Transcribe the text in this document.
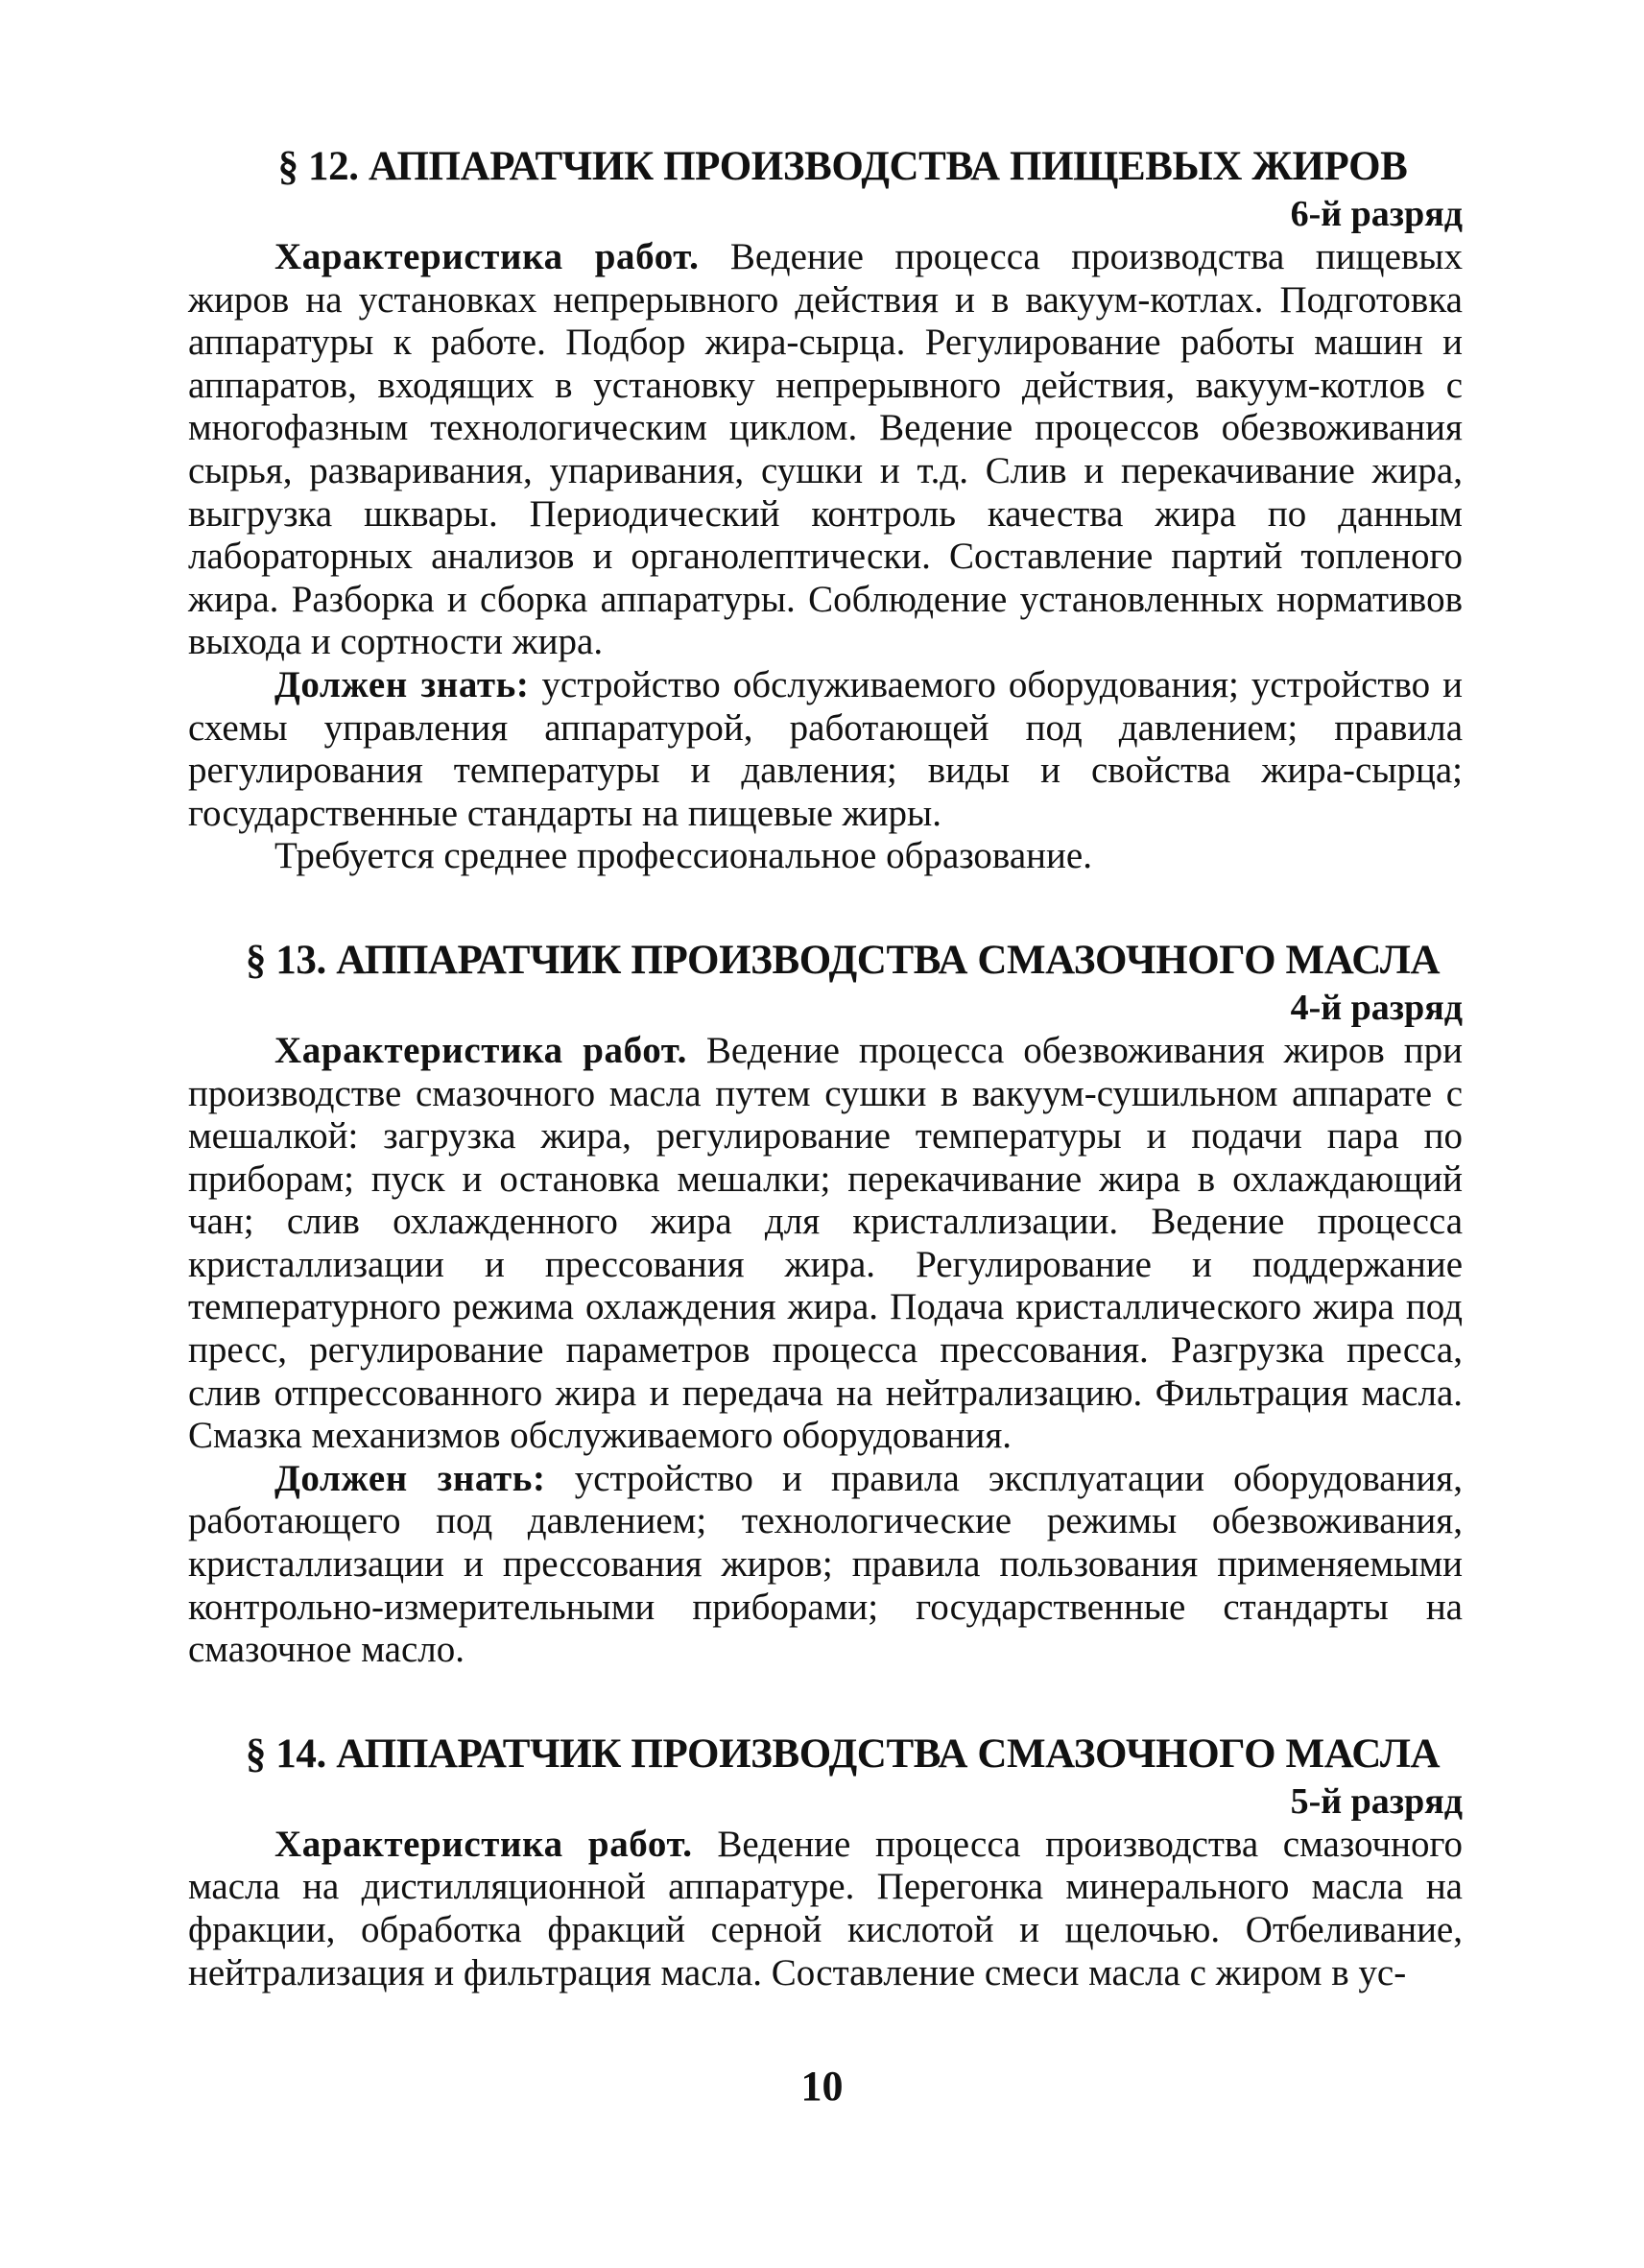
§ 12. АППАРАТЧИК ПРОИЗВОДСТВА ПИЩЕВЫХ ЖИРОВ
6-й разряд

Характеристика работ. Ведение процесса производства пищевых жиров на установках непрерывного действия и в вакуум-котлах. Подготовка аппаратуры к работе. Подбор жира-сырца. Регулирование работы машин и аппаратов, входящих в установку непрерывного действия, вакуум-котлов с многофазным технологическим циклом. Ведение процессов обезвоживания сырья, разваривания, упаривания, сушки и т.д. Слив и перекачивание жира, выгрузка шквары. Периодический контроль качества жира по данным лабораторных анализов и органолептически. Составление партий топленого жира. Разборка и сборка аппаратуры. Соблюдение установленных нормативов выхода и сортности жира.

Должен знать: устройство обслуживаемого оборудования; устройство и схемы управления аппаратурой, работающей под давлением; правила регулирования температуры и давления; виды и свойства жира-сырца; государственные стандарты на пищевые жиры.

Требуется среднее профессиональное образование.

§ 13. АППАРАТЧИК ПРОИЗВОДСТВА СМАЗОЧНОГО МАСЛА
4-й разряд

Характеристика работ. Ведение процесса обезвоживания жиров при производстве смазочного масла путем сушки в вакуум-сушильном аппарате с мешалкой: загрузка жира, регулирование температуры и подачи пара по приборам; пуск и остановка мешалки; перекачивание жира в охлаждающий чан; слив охлажденного жира для кристаллизации. Ведение процесса кристаллизации и прессования жира. Регулирование и поддержание температурного режима охлаждения жира. Подача кристаллического жира под пресс, регулирование параметров процесса прессования. Разгрузка пресса, слив отпрессованного жира и передача на нейтрализацию. Фильтрация масла. Смазка механизмов обслуживаемого оборудования.

Должен знать: устройство и правила эксплуатации оборудования, работающего под давлением; технологические режимы обезвоживания, кристаллизации и прессования жиров; правила пользования применяемыми контрольно-измерительными приборами; государственные стандарты на смазочное масло.

§ 14. АППАРАТЧИК ПРОИЗВОДСТВА СМАЗОЧНОГО МАСЛА
5-й разряд

Характеристика работ. Ведение процесса производства смазочного масла на дистилляционной аппаратуре. Перегонка минерального масла на фракции, обработка фракций серной кислотой и щелочью. Отбеливание, нейтрализация и фильтрация масла. Составление смеси масла с жиром в ус-

10
